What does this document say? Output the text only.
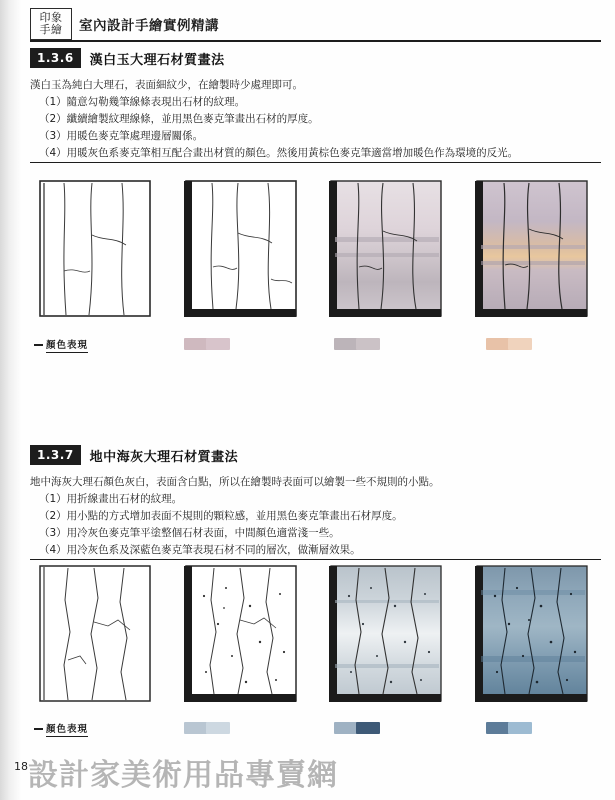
印象
手繪 室內設計手繪實例精講
1.3.6	漢白玉大理石材質畫法

漢白玉為純白大理石，表面細紋少，在繪製時少處理即可。

（1）隨意勾勒幾筆線條表現出石材的紋理。

（2）纖續繪製紋理線條，並用黑色麥克筆畫出石材的厚度。

（3）用暖色麥克筆處理邊層關係。

（4）用暖灰色系麥克筆相互配合畫出材質的顏色。然後用黃棕色麥克筆適當增加暖色作為環境的反光。

顏色表現
1.3.7	地中海灰大理石材質畫法

地中海灰大理石顏色灰白，表面含白點，所以在繪製時表面可以繪製一些不規則的小點。

（1）用折線畫出石材的紋理。

（2）用小點的方式增加表面不規則的顆粒感，並用黑色麥克筆畫出石材厚度。

（3）用冷灰色麥克筆平塗整個石材表面，中間顏色適當淺一些。

（4）用冷灰色系及深藍色麥克筆表現石材不同的層次，做漸層效果。

顏色表現
18 設計家美術用品專賣網
